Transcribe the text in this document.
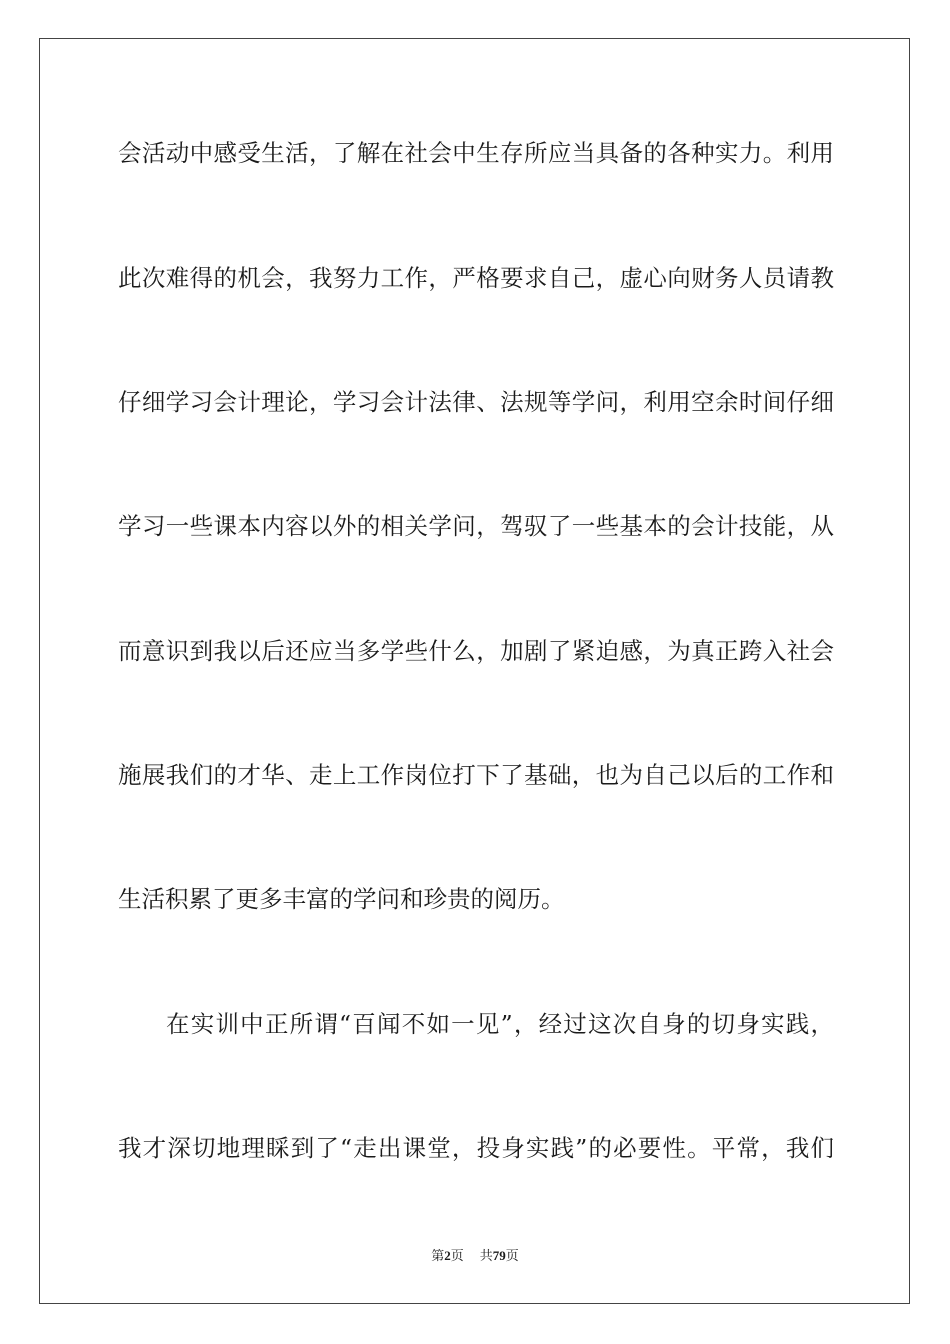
会活动中感受生活，了解在社会中生存所应当具备的各种实力。利用
此次难得的机会，我努力工作，严格要求自己，虚心向财务人员请教
仔细学习会计理论，学习会计法律、法规等学问，利用空余时间仔细
学习一些课本内容以外的相关学问，驾驭了一些基本的会计技能，从
而意识到我以后还应当多学些什么，加剧了紧迫感，为真正跨入社会
施展我们的才华、走上工作岗位打下了基础，也为自己以后的工作和
生活积累了更多丰富的学问和珍贵的阅历。
在实训中正所谓“百闻不如一见”，经过这次自身的切身实践，
我才深切地理睬到了“走出课堂，投身实践”的必要性。平常，我们
第2页 共79页
